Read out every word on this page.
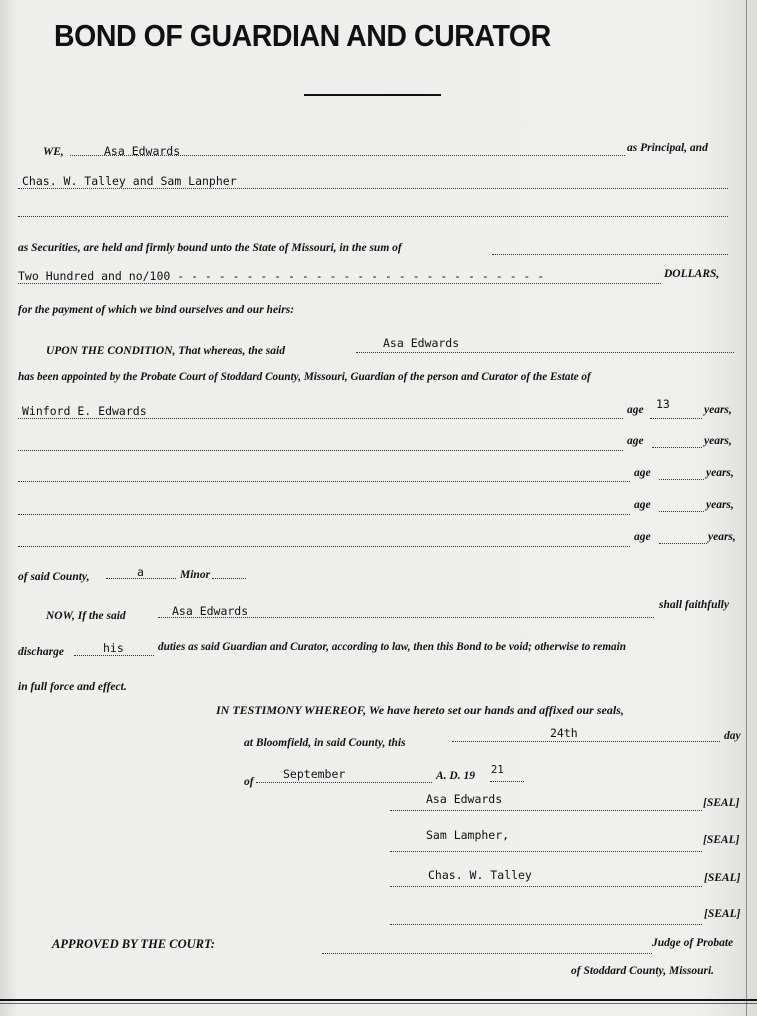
BOND OF GUARDIAN AND CURATOR
WE,	Asa Edwards	as Principal, and
Chas. W. Talley and Sam Lanpher
as Securities, are held and firmly bound unto the State of Missouri, in the sum of
Two Hundred and no/100 - - - - - - - - - - - - - - - - - - - - - - - - - - -	DOLLARS,
for the payment of which we bind ourselves and our heirs:
UPON THE CONDITION, That whereas, the said
Asa Edwards
has been appointed by the Probate Court of Stoddard County, Missouri, Guardian of the person and Curator of the Estate of
Winford E. Edwards	age 13	years,
age	years,
age	years,
age	years,
age	years,
of said County,	a	Minor
NOW, If the said	Asa Edwards	shall faithfully
discharge	his	duties as said Guardian and Curator, according to law, then this Bond to be void; otherwise to remain
in full force and effect.
IN TESTIMONY WHEREOF, We have hereto set our hands and affixed our seals,
at Bloomfield, in said County, this
24th	day
of
September	A. D. 19 21
Asa Edwards	[SEAL]
Sam Lampher,	[SEAL]
Chas. W. Talley	[SEAL]
[SEAL]
APPROVED BY THE COURT:	Judge of Probate
of Stoddard County, Missouri.
